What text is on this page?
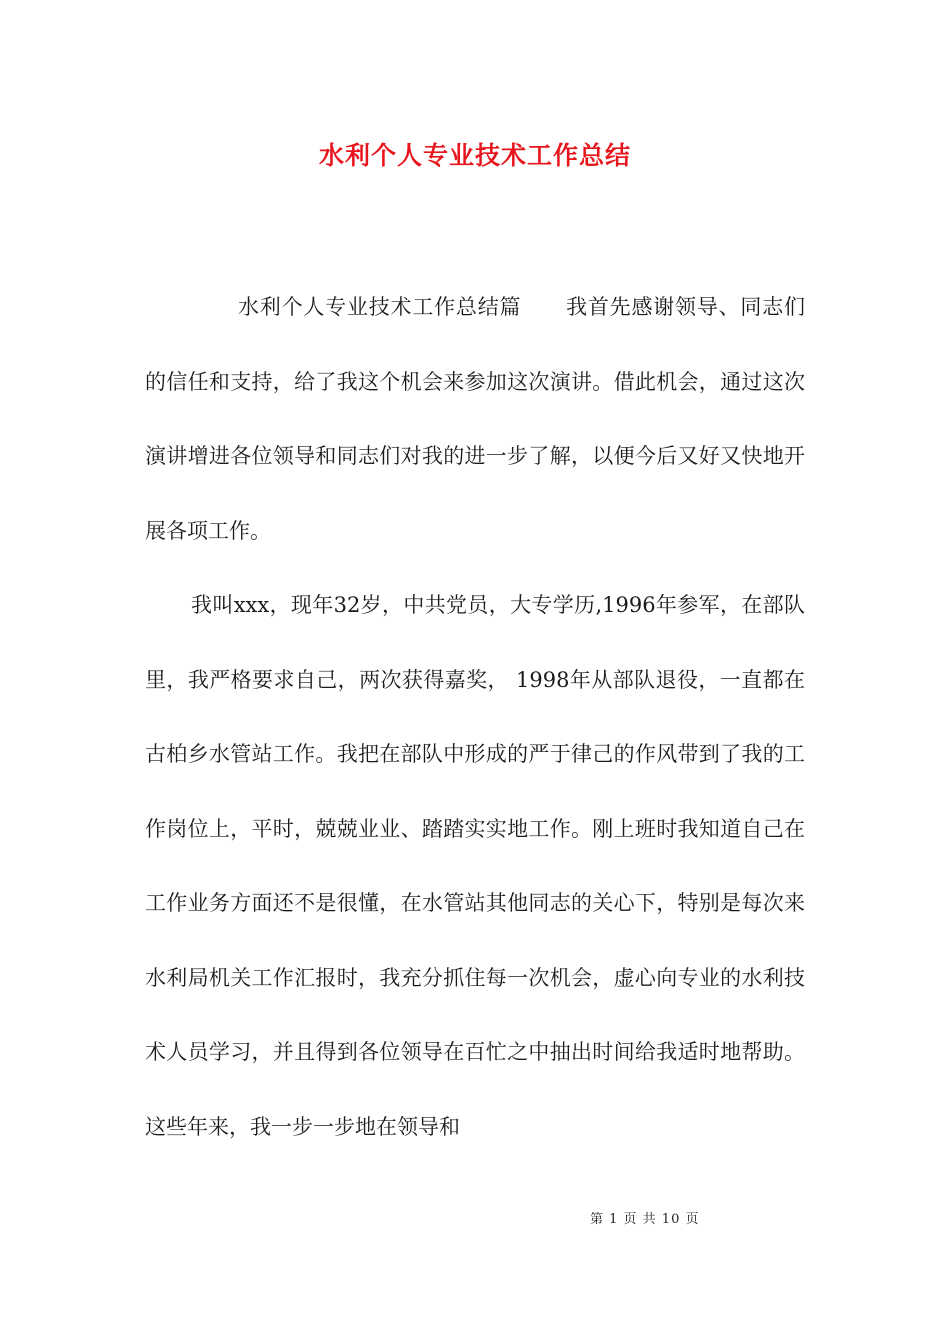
水利个人专业技术工作总结

水利个人专业技术工作总结篇 我首先感谢领导、同志们的信任和支持，给了我这个机会来参加这次演讲。借此机会，通过这次演讲增进各位领导和同志们对我的进一步了解，以便今后又好又快地开展各项工作。

我叫xxx，现年32岁，中共党员，大专学历,1996年参军，在部队里，我严格要求自己，两次获得嘉奖， 1998年从部队退役，一直都在古柏乡水管站工作。我把在部队中形成的严于律己的作风带到了我的工作岗位上，平时，兢兢业业、踏踏实实地工作。刚上班时我知道自己在工作业务方面还不是很懂，在水管站其他同志的关心下，特别是每次来水利局机关工作汇报时，我充分抓住每一次机会，虚心向专业的水利技术人员学习，并且得到各位领导在百忙之中抽出时间给我适时地帮助。这些年来，我一步一步地在领导和

第 1 页 共 10 页
